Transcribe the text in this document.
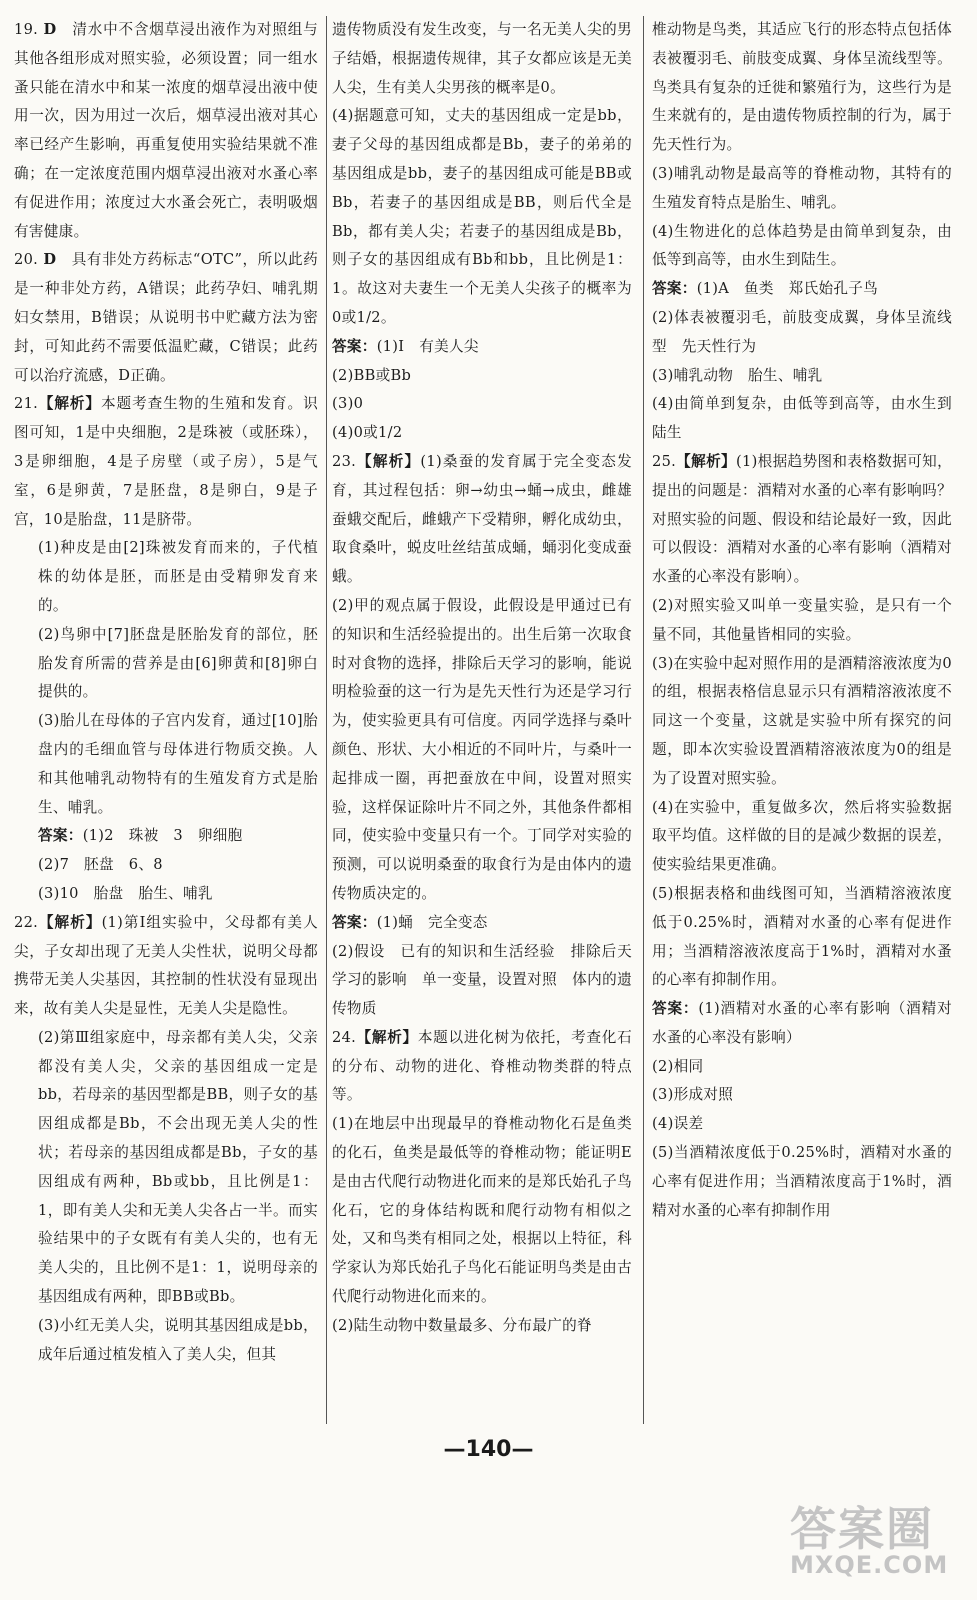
19. D　 清水中不含烟草浸出液作为对照组与其他各组形成对照实验，必须设置；同一组水蚤只能在清水中和某一浓度的烟草浸出液中使用一次，因为用过一次后，烟草浸出液对其心率已经产生影响，再重复使用实验结果就不准确；在一定浓度范围内烟草浸出液对水蚤心率有促进作用；浓度过大水蚤会死亡，表明吸烟有害健康。
20. D　 具有非处方药标志“OTC”，所以此药是一种非处方药，A错误；此药孕妇、哺乳期妇女禁用，B错误；从说明书中贮藏方法为密封，可知此药不需要低温贮藏，C错误；此药可以治疗流感，D正确。
21.【解析】本题考查生物的生殖和发育。识图可知，1是中央细胞，2是珠被（或胚珠），3是卵细胞，4是子房壁（或子房），5是气室，6是卵黄，7是胚盘，8是卵白，9是子宫，10是胎盘，11是脐带。
(1)种皮是由[2]珠被发育而来的，子代植株的幼体是胚，而胚是由受精卵发育来的。
(2)鸟卵中[7]胚盘是胚胎发育的部位，胚胎发育所需的营养是由[6]卵黄和[8]卵白提供的。
(3)胎儿在母体的子宫内发育，通过[10]胎盘内的毛细血管与母体进行物质交换。人和其他哺乳动物特有的生殖发育方式是胎生、哺乳。
答案：(1)2　珠被　3　卵细胞
(2)7　胚盘　6、8
(3)10　胎盘　胎生、哺乳
22.【解析】(1)第Ⅰ组实验中，父母都有美人尖，子女却出现了无美人尖性状，说明父母都携带无美人尖基因，其控制的性状没有显现出来，故有美人尖是显性，无美人尖是隐性。
(2)第Ⅲ组家庭中，母亲都有美人尖，父亲都没有美人尖，父亲的基因组成一定是bb，若母亲的基因型都是BB，则子女的基因组成都是Bb，不会出现无美人尖的性状；若母亲的基因组成都是Bb，子女的基因组成有两种，Bb或bb，且比例是1：1，即有美人尖和无美人尖各占一半。而实验结果中的子女既有有美人尖的，也有无美人尖的，且比例不是1：1，说明母亲的基因组成有两种，即BB或Bb。
(3)小红无美人尖，说明其基因组成是bb，成年后通过植发植入了美人尖，但其
遗传物质没有发生改变，与一名无美人尖的男子结婚，根据遗传规律，其子女都应该是无美人尖，生有美人尖男孩的概率是0。
(4)据题意可知，丈夫的基因组成一定是bb，妻子父母的基因组成都是Bb，妻子的弟弟的基因组成是bb，妻子的基因组成可能是BB或Bb，若妻子的基因组成是BB，则后代全是Bb，都有美人尖；若妻子的基因组成是Bb，则子女的基因组成有Bb和bb，且比例是1：1。故这对夫妻生一个无美人尖孩子的概率为0或1/2。
答案：(1)Ⅰ　有美人尖
(2)BB或Bb
(3)0
(4)0或1/2
23.【解析】(1)桑蚕的发育属于完全变态发育，其过程包括：卵→幼虫→蛹→成虫，雌雄蚕蛾交配后，雌蛾产下受精卵，孵化成幼虫，取食桑叶，蜕皮吐丝结茧成蛹，蛹羽化变成蚕蛾。
(2)甲的观点属于假设，此假设是甲通过已有的知识和生活经验提出的。出生后第一次取食时对食物的选择，排除后天学习的影响，能说明检验蚕的这一行为是先天性行为还是学习行为，使实验更具有可信度。丙同学选择与桑叶颜色、形状、大小相近的不同叶片，与桑叶一起排成一圈，再把蚕放在中间，设置对照实验，这样保证除叶片不同之外，其他条件都相同，使实验中变量只有一个。丁同学对实验的预测，可以说明桑蚕的取食行为是由体内的遗传物质决定的。
答案：(1)蛹　完全变态
(2)假设　已有的知识和生活经验　排除后天学习的影响　单一变量，设置对照　体内的遗传物质
24.【解析】本题以进化树为依托，考查化石的分布、动物的进化、脊椎动物类群的特点等。
(1)在地层中出现最早的脊椎动物化石是鱼类的化石，鱼类是最低等的脊椎动物；能证明E是由古代爬行动物进化而来的是郑氏始孔子鸟化石，它的身体结构既和爬行动物有相似之处，又和鸟类有相同之处，根据以上特征，科学家认为郑氏始孔子鸟化石能证明鸟类是由古代爬行动物进化而来的。
(2)陆生动物中数量最多、分布最广的脊
椎动物是鸟类，其适应飞行的形态特点包括体表被覆羽毛、前肢变成翼、身体呈流线型等。鸟类具有复杂的迁徙和繁殖行为，这些行为是生来就有的，是由遗传物质控制的行为，属于先天性行为。
(3)哺乳动物是最高等的脊椎动物，其特有的生殖发育特点是胎生、哺乳。
(4)生物进化的总体趋势是由简单到复杂，由低等到高等，由水生到陆生。
答案：(1)A　鱼类　郑氏始孔子鸟
(2)体表被覆羽毛，前肢变成翼，身体呈流线型　先天性行为
(3)哺乳动物　胎生、哺乳
(4)由简单到复杂，由低等到高等，由水生到陆生
25.【解析】(1)根据趋势图和表格数据可知，提出的问题是：酒精对水蚤的心率有影响吗？对照实验的问题、假设和结论最好一致，因此可以假设：酒精对水蚤的心率有影响（酒精对水蚤的心率没有影响）。
(2)对照实验又叫单一变量实验，是只有一个量不同，其他量皆相同的实验。
(3)在实验中起对照作用的是酒精溶液浓度为0的组，根据表格信息显示只有酒精溶液浓度不同这一个变量，这就是实验中所有探究的问题，即本次实验设置酒精溶液浓度为0的组是为了设置对照实验。
(4)在实验中，重复做多次，然后将实验数据取平均值。这样做的目的是减少数据的误差，使实验结果更准确。
(5)根据表格和曲线图可知，当酒精溶液浓度低于0.25%时，酒精对水蚤的心率有促进作用；当酒精溶液浓度高于1%时，酒精对水蚤的心率有抑制作用。
答案：(1)酒精对水蚤的心率有影响（酒精对水蚤的心率没有影响）
(2)相同
(3)形成对照
(4)误差
(5)当酒精浓度低于0.25%时，酒精对水蚤的心率有促进作用；当酒精浓度高于1%时，酒精对水蚤的心率有抑制作用
—140—
答案圈
MXQE.COM
